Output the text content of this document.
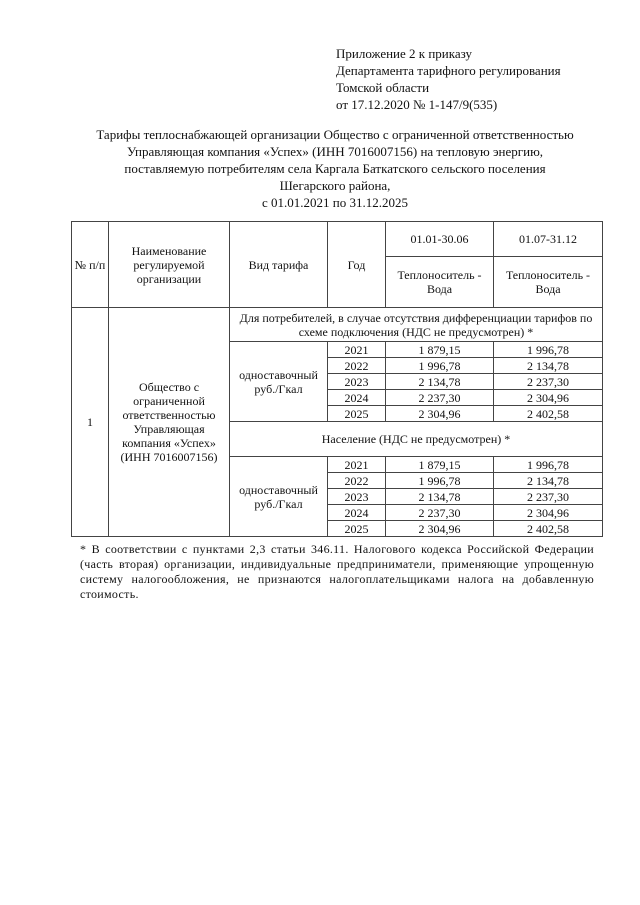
Приложение 2 к приказу
Департамента тарифного регулирования
Томской области
от 17.12.2020 № 1-147/9(535)
Тарифы теплоснабжающей организации Общество с ограниченной ответственностью
Управляющая компания «Успех» (ИНН 7016007156) на тепловую энергию,
поставляемую потребителям села Каргала Баткатского сельского поселения
Шегарского района,
с 01.01.2021 по 31.12.2025
№ п/п	Наименование регулируемой организации	Вид тарифа	Год	01.01-30.06	01.07-31.12
				Теплоноситель - Вода	Теплоноситель - Вода
1	Общество с ограниченной ответственностью Управляющая компания «Успех» (ИНН 7016007156)	Для потребителей, в случае отсутствия дифференциации тарифов по схеме подключения (НДС не предусмотрен) *			
		одноставочный руб./Гкал	2021	1 879,15	1 996,78
			2022	1 996,78	2 134,78
			2023	2 134,78	2 237,30
			2024	2 237,30	2 304,96
			2025	2 304,96	2 402,58
		Население (НДС не предусмотрен) *			
		одноставочный руб./Гкал	2021	1 879,15	1 996,78
			2022	1 996,78	2 134,78
			2023	2 134,78	2 237,30
			2024	2 237,30	2 304,96
			2025	2 304,96	2 402,58
* В соответствии с пунктами 2,3 статьи 346.11. Налогового кодекса Российской Федерации (часть вторая) организации, индивидуальные предприниматели, применяющие упрощенную систему налогообложения, не признаются налогоплательщиками налога на добавленную стоимость.
